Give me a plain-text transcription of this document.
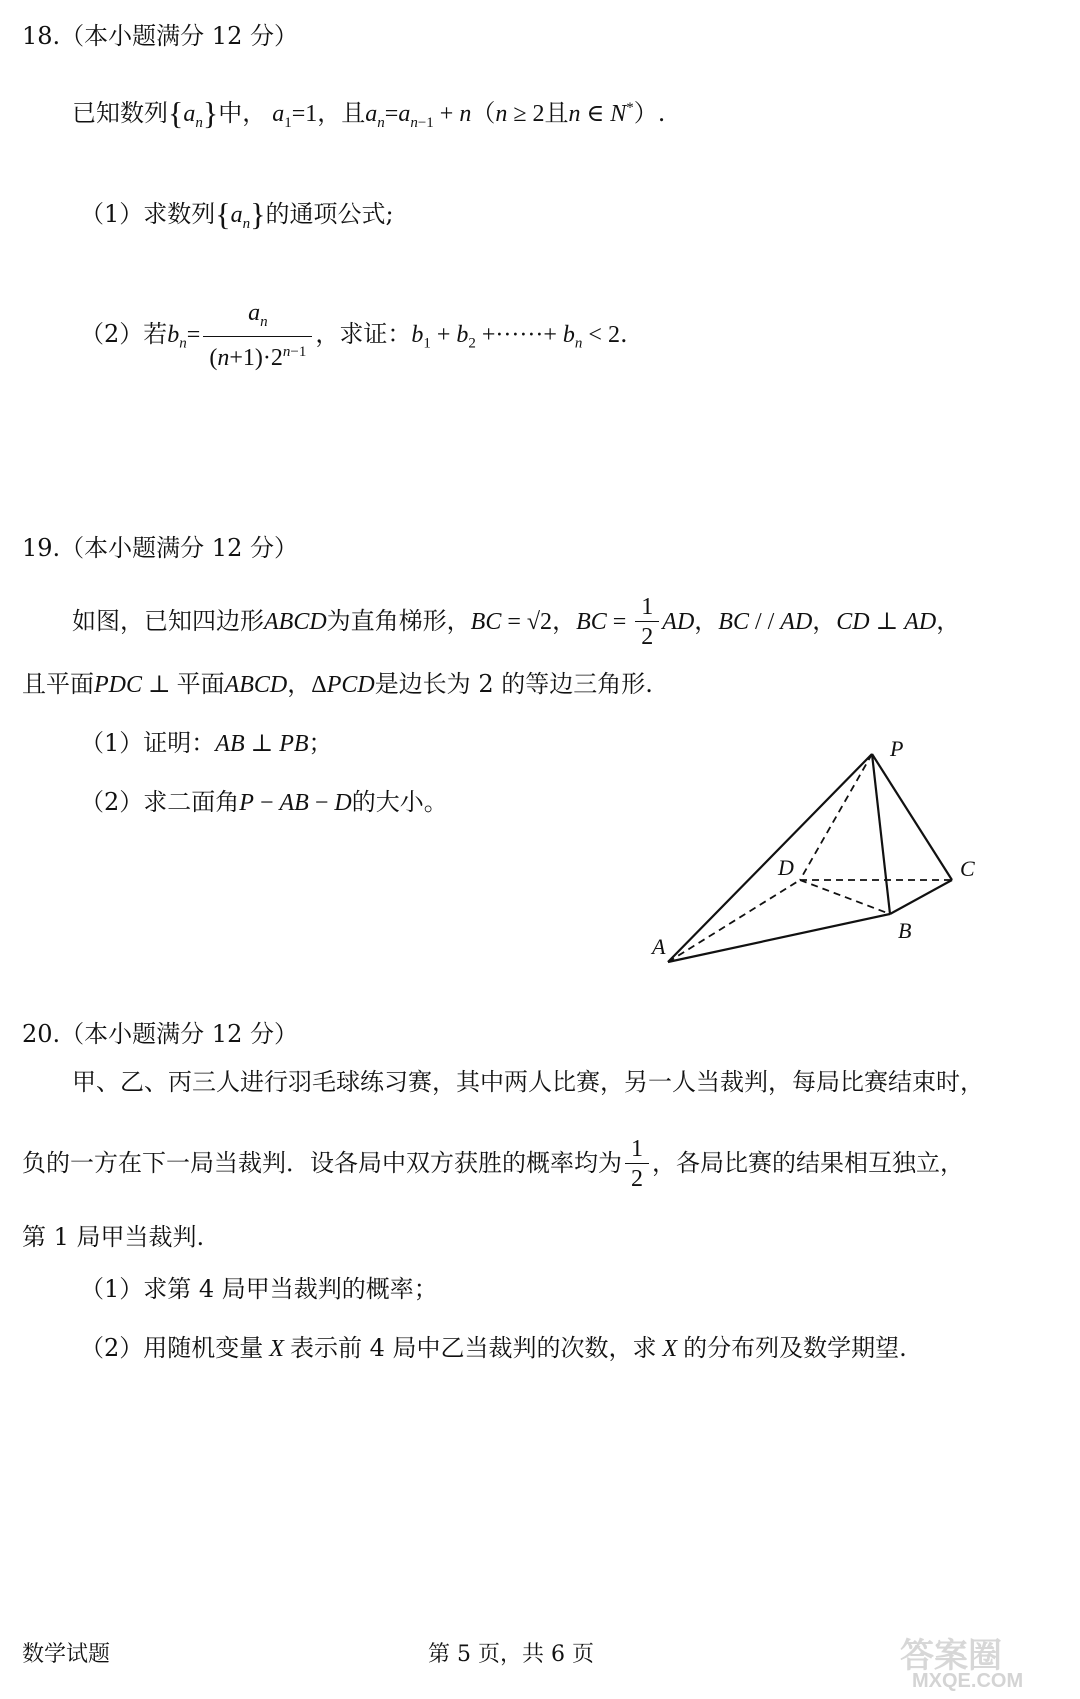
18.（本小题满分 12 分）
已知数列$\{a_n\}$中， $a_1=1$，且$a_n=a_{n-1} + n(n \ge 2$且n ∈ N*）.
（1）求数列$\{a_n\}$的通项公式;
（2）若$b_n= \frac{a_n}{(n+1)\cdot 2^{n-1}}$ ，求证：$b_1 + b_2$ +······+ $b_n < 2$.
19.（本小题满分 12 分）
如图，已知四边形ABCD为直角梯形，BC = √2，BC = $\frac{1}{2}$ AD，BC / / AD，CD ⊥ AD，
且平面PDC ⊥ 平面ABCD，ΔPCD是边长为 2 的等边三角形.
（1）证明：AB ⊥ PB；
（2）求二面角P − AB − D的大小。
P
C
D
B
A
20.（本小题满分 12 分）
甲、乙、丙三人进行羽毛球练习赛，其中两人比赛，另一人当裁判，每局比赛结束时，
负的一方在下一局当裁判．设各局中双方获胜的概率均为 $\frac{1}{2}$ ，各局比赛的结果相互独立，
第 1 局甲当裁判.
（1）求第 4 局甲当裁判的概率；
（2）用随机变量 X 表示前 4 局中乙当裁判的次数，求 X 的分布列及数学期望.
数学试题	第 5 页，共 6 页	答案圈
MXQE.COM
